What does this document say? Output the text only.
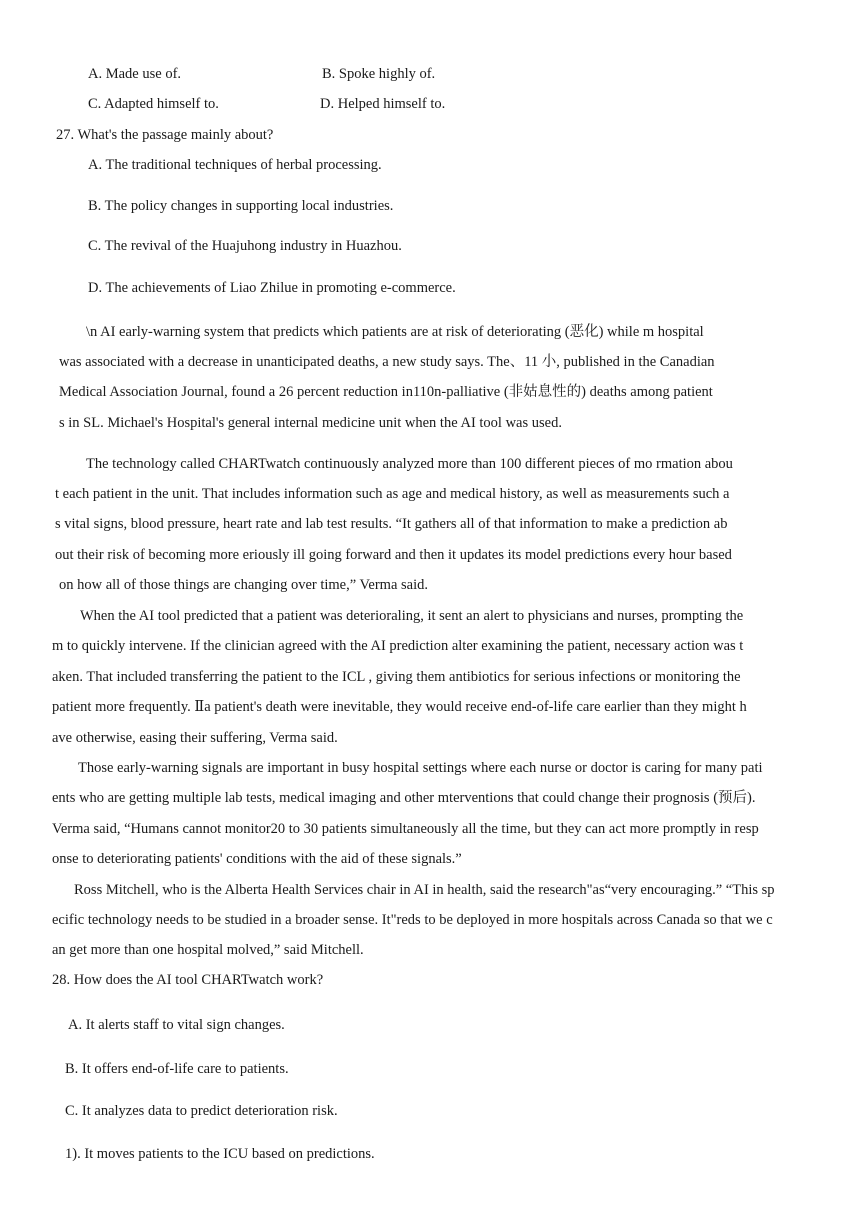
A. Made use of.	B. Spoke highly of.
C. Adapted himself to.	D. Helped himself to.
27. What's the passage mainly about?
A. The traditional techniques of herbal processing.
B. The policy changes in supporting local industries.
C. The revival of the Huajuhong industry in Huazhou.
D. The achievements of Liao Zhilue in promoting e-commerce.
\n AI early-warning system that predicts which patients are at risk of deteriorating (恶化) while m hospital
was associated with a decrease in unanticipated deaths, a new study says. The、11 小, published in the Canadian
Medical Association Journal, found a 26 percent reduction in110n-palliative (非姑息性的) deaths among patient
s in SL. Michael's Hospital's general internal medicine unit when the AI tool was used.
The technology called CHARTwatch continuously analyzed more than 100 different pieces of mo rmation abou
t each patient in the unit. That includes information such as age and medical history, as well as measurements such a
s vital signs, blood pressure, heart rate and lab test results. “It gathers all of that information to make a prediction ab
out their risk of becoming more eriously ill going forward and then it updates its model predictions every hour based
on how all of those things are changing over time,” Verma said.
When the AI tool predicted that a patient was deterioraling, it sent an alert to physicians and nurses, prompting the
m to quickly intervene. If the clinician agreed with the AI prediction alter examining the patient, necessary action was t
aken. That included transferring the patient to the ICL , giving them antibiotics for serious infections or monitoring the
patient more frequently. Ⅱa patient's death were inevitable, they would receive end-of-life care earlier than they might h
ave otherwise, easing their suffering, Verma said.
Those early-warning signals are important in busy hospital settings where each nurse or doctor is caring for many pati
ents who are getting multiple lab tests, medical imaging and other mterventions that could change their prognosis (预后).
Verma said, “Humans cannot monitor20 to 30 patients simultaneously all the time, but they can act more promptly in resp
onse to deteriorating patients' conditions with the aid of these signals.”
Ross Mitchell, who is the Alberta Health Services chair in AI in health, said the research"as“very encouraging.” “This sp
ecific technology needs to be studied in a broader sense. It"reds to be deployed in more hospitals across Canada so that we c
an get more than one hospital molved,” said Mitchell.
28. How does the AI tool CHARTwatch work?
A. It alerts staff to vital sign changes.
B. It offers end-of-life care to patients.
C. It analyzes data to predict deterioration risk.
1). It moves patients to the ICU based on predictions.
